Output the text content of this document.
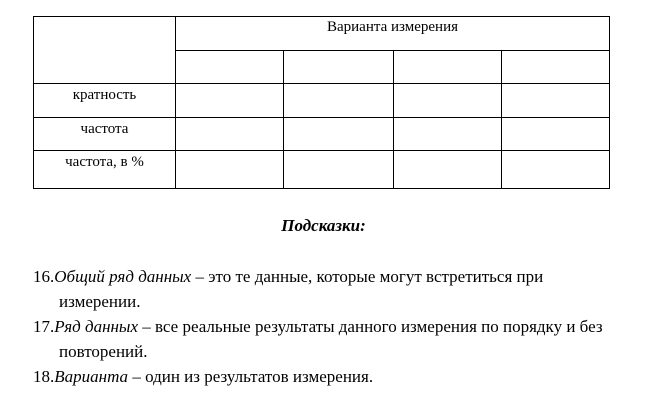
	Варианта измерения			

кратность				
частота				
частота, в %				
Подсказки:
16.Общий ряд данных – это те данные, которые могут встретиться при измерении.
17.Ряд данных – все реальные результаты данного измерения по порядку и без повторений.
18.Варианта – один из результатов измерения.
